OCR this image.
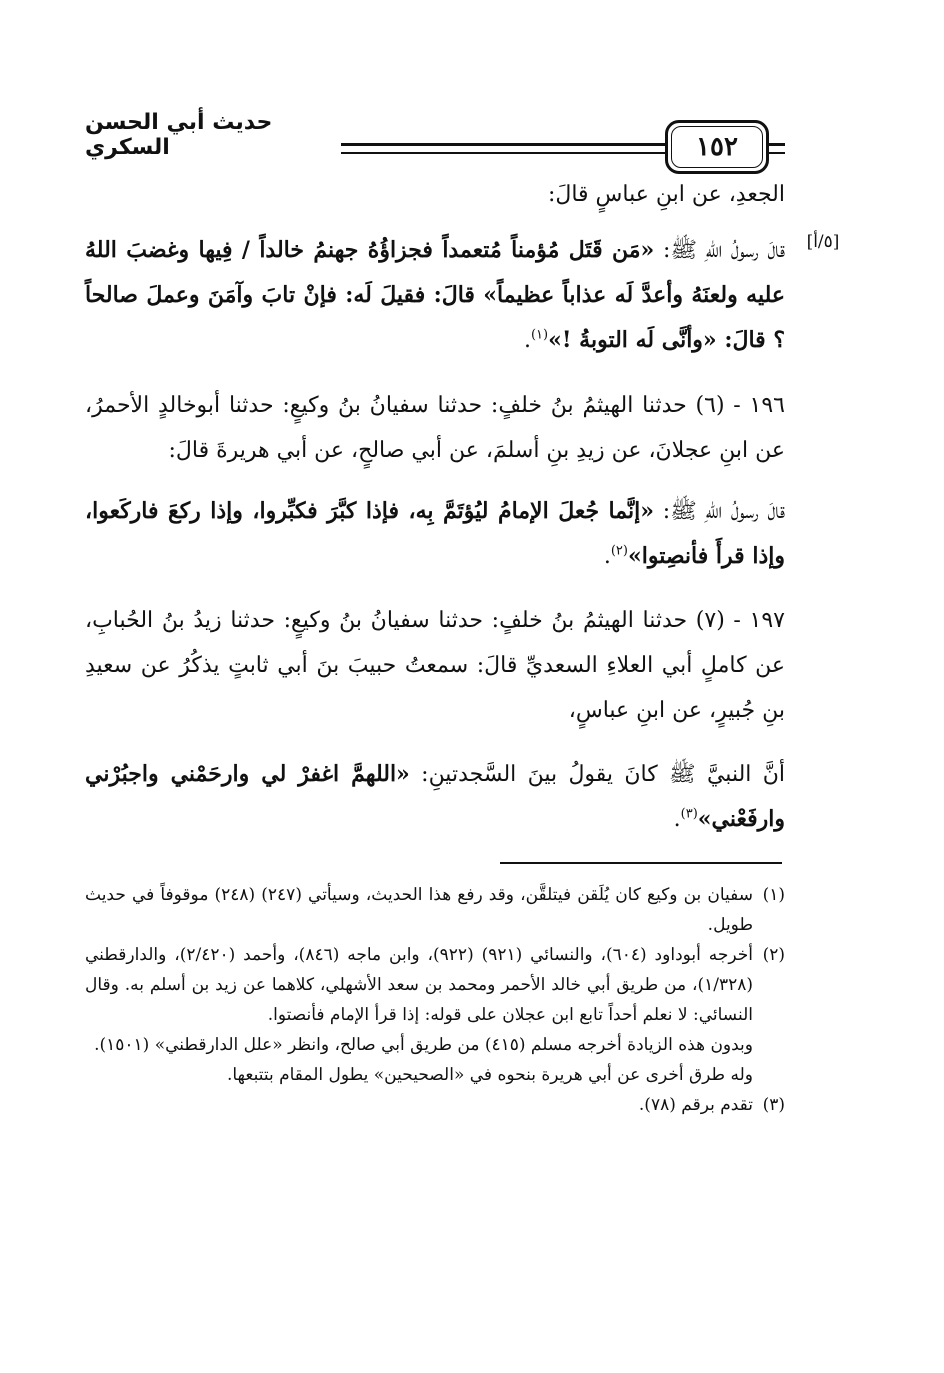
١٥٢
حديث أبي الحسن السكري
[٥/أ]
الجعدِ، عن ابنِ عباسٍ قالَ:
قالَ رسولُ اللهِ ﷺ: «مَن قَتَل مُؤمناً مُتعمداً فجزاؤُهُ جهنمُ خالداً / فِيها وغضبَ اللهُ عليه ولعنَهُ وأعدَّ لَه عذاباً عظيماً» قالَ: فقيلَ لَه: فإنْ تابَ وآمَنَ وعملَ صالحاً ؟ قالَ: «وأنَّى لَه التوبةُ !»$^{(١)}$.
١٩٦ - (٦) حدثنا الهيثمُ بنُ خلفٍ: حدثنا سفيانُ بنُ وكيعٍ: حدثنا أبوخالدٍ الأحمرُ، عن ابنِ عجلانَ، عن زيدِ بنِ أسلمَ، عن أبي صالحٍ، عن أبي هريرةَ قالَ:
قالَ رسولُ اللهِ ﷺ: «إنَّما جُعلَ الإمامُ ليُؤتَمَّ بِه، فإذا كبَّرَ فكبِّروا، وإذا ركعَ فاركَعوا، وإذا قرأَ فأنصِتوا»$^{(٢)}$.
١٩٧ - (٧) حدثنا الهيثمُ بنُ خلفٍ: حدثنا سفيانُ بنُ وكيعٍ: حدثنا زيدُ بنُ الحُبابِ، عن كاملٍ أبي العلاءِ السعديِّ قالَ: سمعتُ حبيبَ بنَ أبي ثابتٍ يذكُرُ عن سعيدِ بنِ جُبيرٍ، عن ابنِ عباسٍ،
أنَّ النبيَّ ﷺ كانَ يقولُ بينَ السَّجدتينِ: «اللهمَّ اغفرْ لي وارحَمْني واجبُرْني وارفَعْني»$^{(٣)}$.
(١)
سفيان بن وكيع كان يُلَقن فيتلقَّن، وقد رفع هذا الحديث، وسيأتي (٢٤٧) (٢٤٨) موقوفاً في حديث طويل.
(٢)
أخرجه أبوداود (٦٠٤)، والنسائي (٩٢١) (٩٢٢)، وابن ماجه (٨٤٦)، وأحمد (٢/٤٢٠)، والدارقطني (١/٣٢٨)، من طريق أبي خالد الأحمر ومحمد بن سعد الأشهلي، كلاهما عن زيد بن أسلم به. وقال النسائي: لا نعلم أحداً تابع ابن عجلان على قوله: إذا قرأ الإمام فأنصتوا.

وبدون هذه الزيادة أخرجه مسلم (٤١٥) من طريق أبي صالح، وانظر «علل الدارقطني» (١٥٠١).

وله طرق أخرى عن أبي هريرة بنحوه في «الصحيحين» يطول المقام بتتبعها.

(٣)
تقدم برقم (٧٨).
